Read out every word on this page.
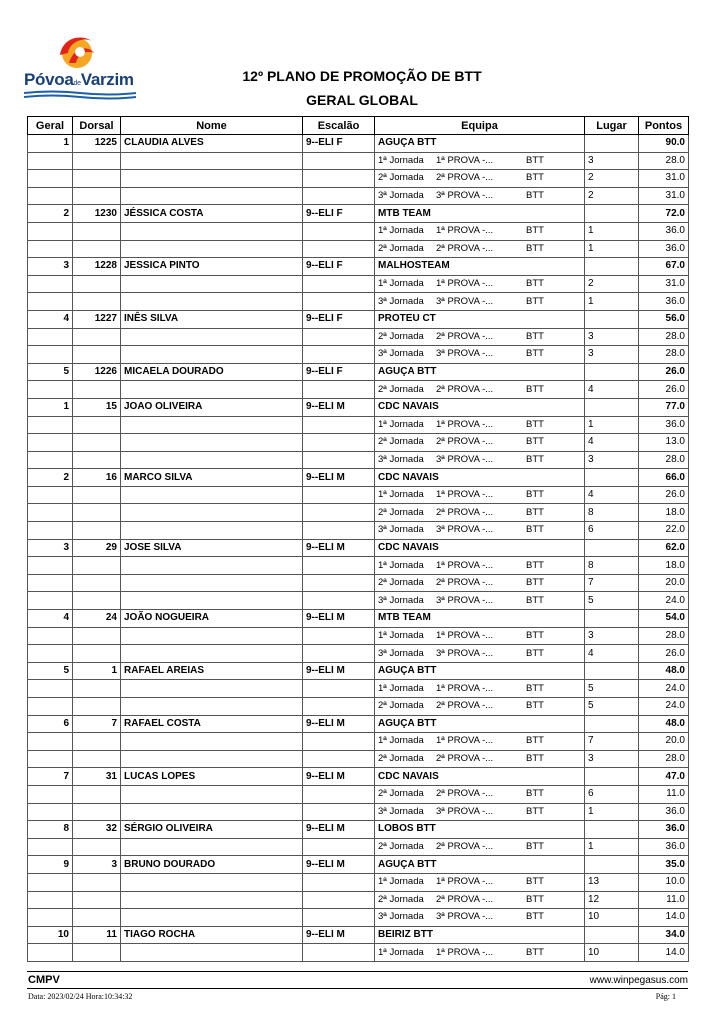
PóvoadeVarzim	12º PLANO DE PROMOÇÃO DE BTT
GERAL GLOBAL
Geral	Dorsal	Nome	Escalão	Equipa	Lugar	Pontos
1	1225	CLAUDIA ALVES	9--ELI F	AGUÇA BTT		90.0
				1ª Jornada 1ª PROVA -... BTT	3	28.0
				2ª Jornada 2ª PROVA -... BTT	2	31.0
				3ª Jornada 3ª PROVA -... BTT	2	31.0
2	1230	JÉSSICA COSTA	9--ELI F	MTB TEAM		72.0
				1ª Jornada 1ª PROVA -... BTT	1	36.0
				2ª Jornada 2ª PROVA -... BTT	1	36.0
3	1228	JESSICA PINTO	9--ELI F	MALHOSTEAM		67.0
				1ª Jornada 1ª PROVA -... BTT	2	31.0
				3ª Jornada 3ª PROVA -... BTT	1	36.0
4	1227	INÊS SILVA	9--ELI F	PROTEU CT		56.0
				2ª Jornada 2ª PROVA -... BTT	3	28.0
				3ª Jornada 3ª PROVA -... BTT	3	28.0
5	1226	MICAELA DOURADO	9--ELI F	AGUÇA BTT		26.0
				2ª Jornada 2ª PROVA -... BTT	4	26.0
1	15	JOAO OLIVEIRA	9--ELI M	CDC NAVAIS		77.0
				1ª Jornada 1ª PROVA -... BTT	1	36.0
				2ª Jornada 2ª PROVA -... BTT	4	13.0
				3ª Jornada 3ª PROVA -... BTT	3	28.0
2	16	MARCO SILVA	9--ELI M	CDC NAVAIS		66.0
				1ª Jornada 1ª PROVA -... BTT	4	26.0
				2ª Jornada 2ª PROVA -... BTT	8	18.0
				3ª Jornada 3ª PROVA -... BTT	6	22.0
3	29	JOSE SILVA	9--ELI M	CDC NAVAIS		62.0
				1ª Jornada 1ª PROVA -... BTT	8	18.0
				2ª Jornada 2ª PROVA -... BTT	7	20.0
				3ª Jornada 3ª PROVA -... BTT	5	24.0
4	24	JOÃO NOGUEIRA	9--ELI M	MTB TEAM		54.0
				1ª Jornada 1ª PROVA -... BTT	3	28.0
				3ª Jornada 3ª PROVA -... BTT	4	26.0
5	1	RAFAEL AREIAS	9--ELI M	AGUÇA BTT		48.0
				1ª Jornada 1ª PROVA -... BTT	5	24.0
				2ª Jornada 2ª PROVA -... BTT	5	24.0
6	7	RAFAEL COSTA	9--ELI M	AGUÇA BTT		48.0
				1ª Jornada 1ª PROVA -... BTT	7	20.0
				2ª Jornada 2ª PROVA -... BTT	3	28.0
7	31	LUCAS LOPES	9--ELI M	CDC NAVAIS		47.0
				2ª Jornada 2ª PROVA -... BTT	6	11.0
				3ª Jornada 3ª PROVA -... BTT	1	36.0
8	32	SÉRGIO OLIVEIRA	9--ELI M	LOBOS BTT		36.0
				2ª Jornada 2ª PROVA -... BTT	1	36.0
9	3	BRUNO DOURADO	9--ELI M	AGUÇA BTT		35.0
				1ª Jornada 1ª PROVA -... BTT	13	10.0
				2ª Jornada 2ª PROVA -... BTT	12	11.0
				3ª Jornada 3ª PROVA -... BTT	10	14.0
10	11	TIAGO ROCHA	9--ELI M	BEIRIZ BTT		34.0
				1ª Jornada 1ª PROVA -... BTT	10	14.0
CMPV	www.winpegasus.com
Data: 2023/02/24 Hora:10:34:32	Pág: 1
